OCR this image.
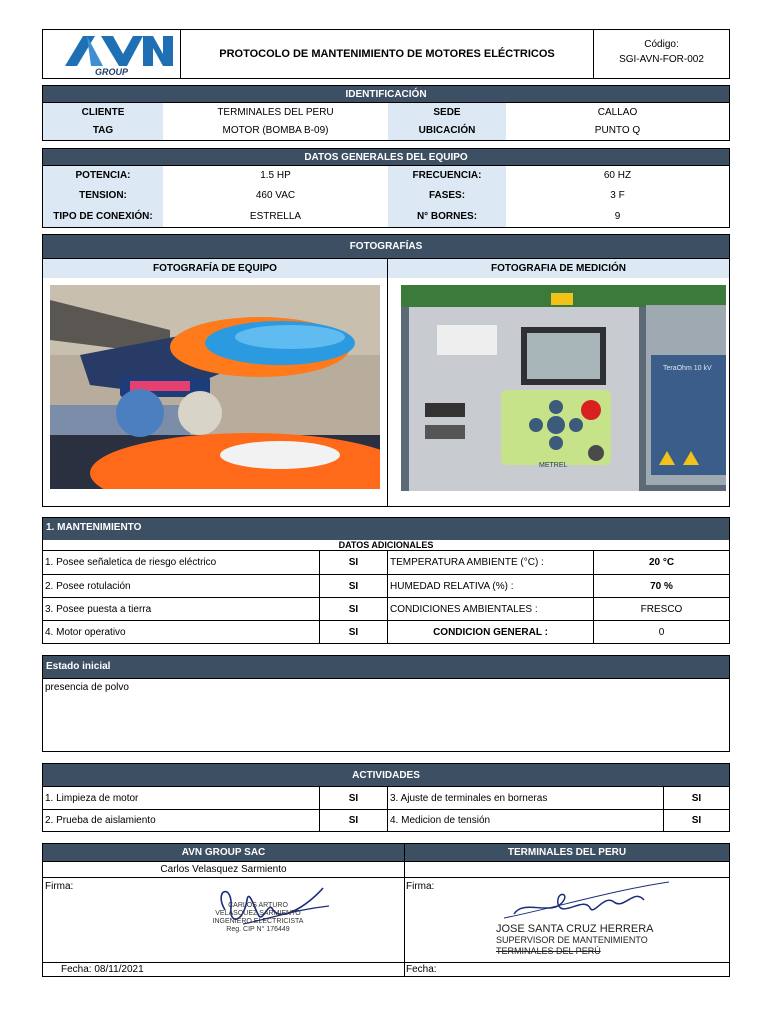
GROUP
PROTOCOLO DE MANTENIMIENTO DE MOTORES ELÉCTRICOS
Código:
SGI-AVN-FOR-002
IDENTIFICACIÓN
CLIENTE	TERMINALES DEL PERU	SEDE	CALLAO
TAG	MOTOR (BOMBA B-09)	UBICACIÓN	PUNTO Q
DATOS GENERALES DEL EQUIPO
POTENCIA:	1.5 HP	FRECUENCIA:	60 HZ
TENSION:	460 VAC	FASES:	3 F
TIPO DE CONEXIÓN:	ESTRELLA	N° BORNES:	9
FOTOGRAFÍAS
FOTOGRAFÍA DE EQUIPO	FOTOGRAFIA DE MEDICIÓN
METREL
TeraOhm 10 kV
1. MANTENIMIENTO
DATOS ADICIONALES
1. Posee señaletica de riesgo eléctrico	SI	TEMPERATURA AMBIENTE (°C) :	20 °C
2. Posee rotulación	SI	HUMEDAD RELATIVA (%) :	70 %
3. Posee puesta a tierra	SI	CONDICIONES AMBIENTALES :	FRESCO
4. Motor operativo	SI	CONDICION GENERAL :	0
Estado inicial
presencia de polvo
ACTIVIDADES
1. Limpieza de motor	SI	3. Ajuste de terminales en borneras	SI
2. Prueba de aislamiento	SI	4. Medicion de tensión	SI
AVN GROUP SAC	TERMINALES DEL PERU
Carlos Velasquez Sarmiento
Firma:
CARLOS ARTURO
VELASQUEZ SARMIENTO
INGENIERO ELECTRICISTA
Reg. CIP N° 176449
Firma:
JOSE SANTA CRUZ HERRERA
SUPERVISOR DE MANTENIMIENTO
TERMINALES DEL PERÚ
Fecha: 08/11/2021	Fecha:
